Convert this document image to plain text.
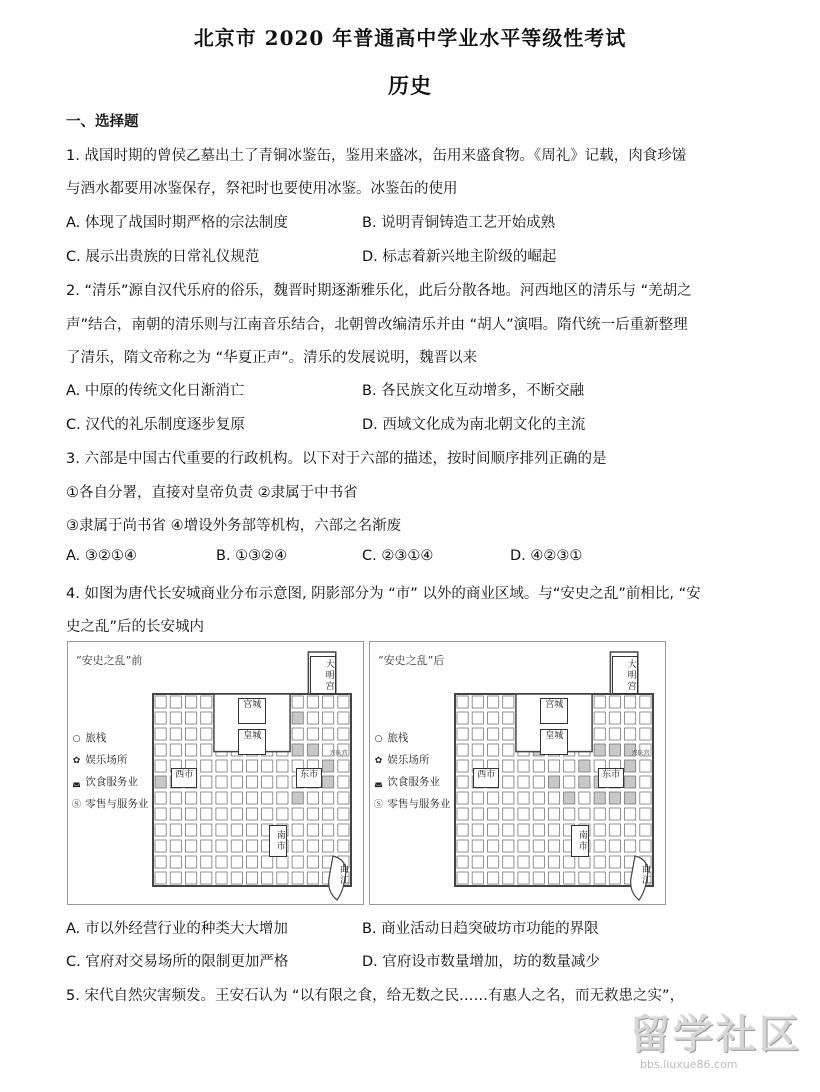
北京市 2020 年普通高中学业水平等级性考试
历史
一、选择题
1. 战国时期的曾侯乙墓出土了青铜冰鉴缶，鉴用来盛冰，缶用来盛食物。《周礼》记载，肉食珍馐
与酒水都要用冰鉴保存，祭祀时也要使用冰鉴。冰鉴缶的使用
A. 体现了战国时期严格的宗法制度	B. 说明青铜铸造工艺开始成熟
C. 展示出贵族的日常礼仪规范	D. 标志着新兴地主阶级的崛起
2. “清乐”源自汉代乐府的俗乐，魏晋时期逐渐雅乐化，此后分散各地。河西地区的清乐与 “羌胡之
声”结合，南朝的清乐则与江南音乐结合，北朝曾改编清乐并由 “胡人”演唱。隋代统一后重新整理
了清乐，隋文帝称之为 “华夏正声”。清乐的发展说明，魏晋以来
A. 中原的传统文化日渐消亡	B. 各民族文化互动增多，不断交融
C. 汉代的礼乐制度逐步复原	D. 西域文化成为南北朝文化的主流
3. 六部是中国古代重要的行政机构。以下对于六部的描述，按时间顺序排列正确的是
①各自分署，直接对皇帝负责 ②隶属于中书省
③隶属于尚书省 ④增设外务部等机构，六部之名渐废
A. ③②①④	B. ①③②④	C. ②③①④	D. ④②③①
4. 如图为唐代长安城商业分布示意图, 阴影部分为 “市” 以外的商业区域。与“安史之乱”前相比, “安
史之乱”后的长安城内
“安史之乱”前	大明宫
宫城
皇城
西市	东市
南市
兴庆宫
曲江
○ 旅栈
✿ 娱乐场所
◛ 饮食服务业
Ⓢ 零售与服务业
“安史之乱”后	大明宫
宫城
皇城
西市	东市
南市
兴庆宫
曲江
○ 旅栈
✿ 娱乐场所
◛ 饮食服务业
Ⓢ 零售与服务业
A. 市以外经营行业的种类大大增加	B. 商业活动日趋突破坊市功能的界限
C. 官府对交易场所的限制更加严格	D. 官府设市数量增加，坊的数量减少
5. 宋代自然灾害频发。王安石认为 “以有限之食，给无数之民……有惠人之名，而无救患之实”，
留学社区
bbs.liuxue86.com
